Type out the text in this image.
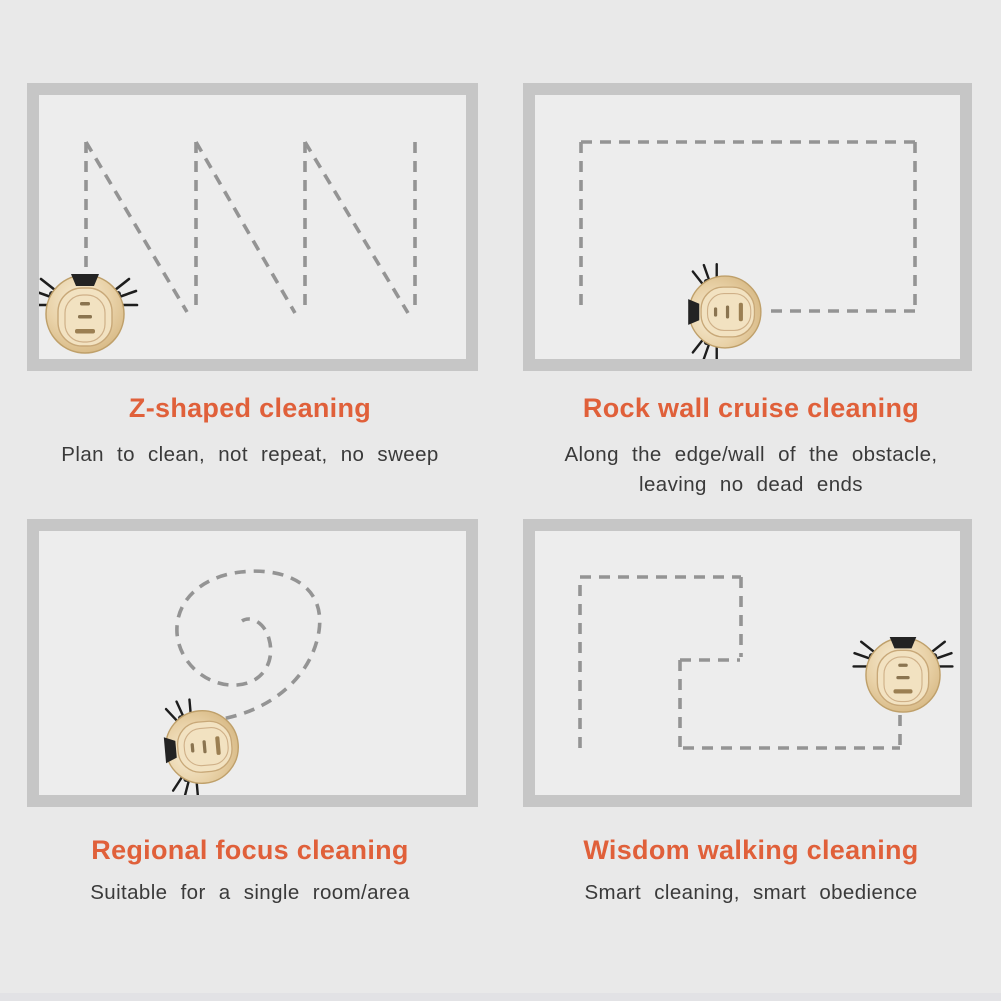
Z-shaped cleaning	Rock wall cruise cleaning
Plan to clean, not repeat, no sweep	Along the edge/wall of the obstacle,
leaving no dead ends
Regional focus cleaning	Wisdom walking cleaning
Suitable for a single room/area	Smart cleaning, smart obedience
